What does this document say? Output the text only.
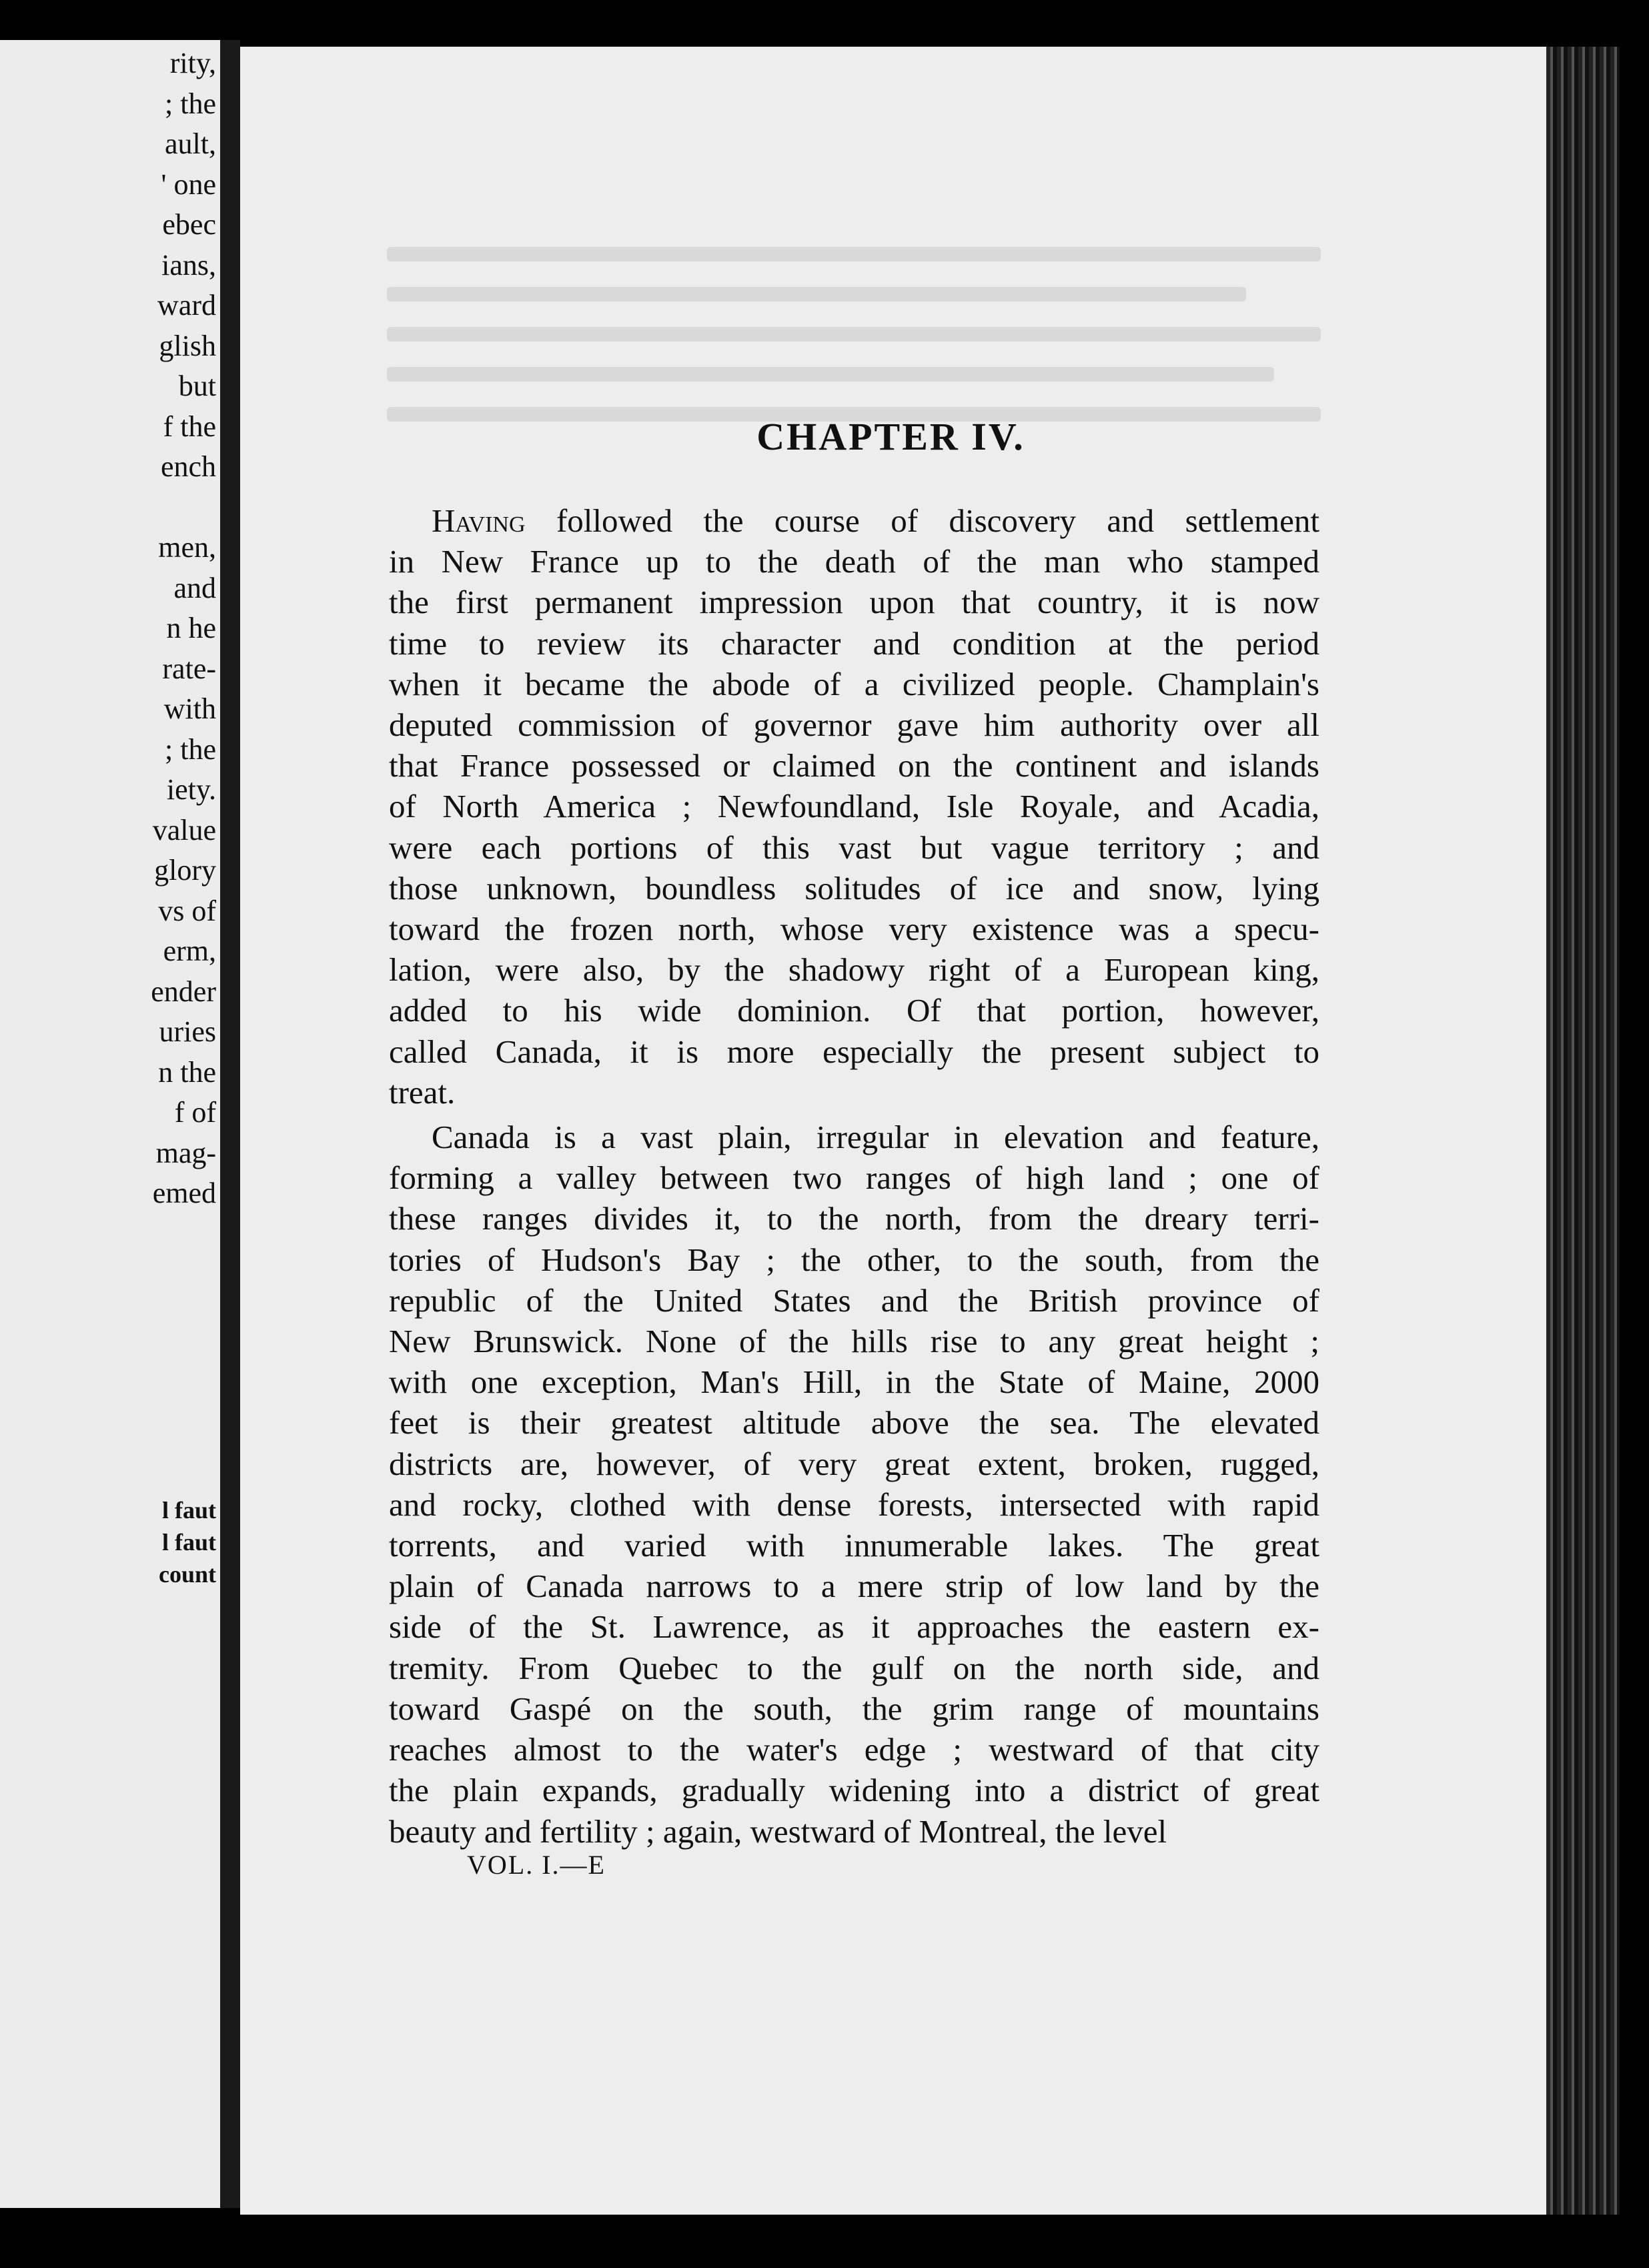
rity,
; the
ault,
' one
ebec
ians,
ward
glish
but
f the
ench
men,
and
n he
rate-
with
; the
iety.
value
glory
vs of
erm,
ender
uries
n the
f of
mag-
emed
l faut
l faut
count
CHAPTER IV.
Having followed the course of discovery and settlement
in New France up to the death of the man who stamped
the first permanent impression upon that country, it is now
time to review its character and condition at the period
when it became the abode of a civilized people. Champlain's
deputed commission of governor gave him authority over all
that France possessed or claimed on the continent and islands
of North America ; Newfoundland, Isle Royale, and Acadia,
were each portions of this vast but vague territory ; and
those unknown, boundless solitudes of ice and snow, lying
toward the frozen north, whose very existence was a specu-
lation, were also, by the shadowy right of a European king,
added to his wide dominion. Of that portion, however,
called Canada, it is more especially the present subject to
treat.
Canada is a vast plain, irregular in elevation and feature,
forming a valley between two ranges of high land ; one of
these ranges divides it, to the north, from the dreary terri-
tories of Hudson's Bay ; the other, to the south, from the
republic of the United States and the British province of
New Brunswick. None of the hills rise to any great height ;
with one exception, Man's Hill, in the State of Maine, 2000
feet is their greatest altitude above the sea. The elevated
districts are, however, of very great extent, broken, rugged,
and rocky, clothed with dense forests, intersected with rapid
torrents, and varied with innumerable lakes. The great
plain of Canada narrows to a mere strip of low land by the
side of the St. Lawrence, as it approaches the eastern ex-
tremity. From Quebec to the gulf on the north side, and
toward Gaspé on the south, the grim range of mountains
reaches almost to the water's edge ; westward of that city
the plain expands, gradually widening into a district of great
beauty and fertility ; again, westward of Montreal, the level
VOL. I.—E
